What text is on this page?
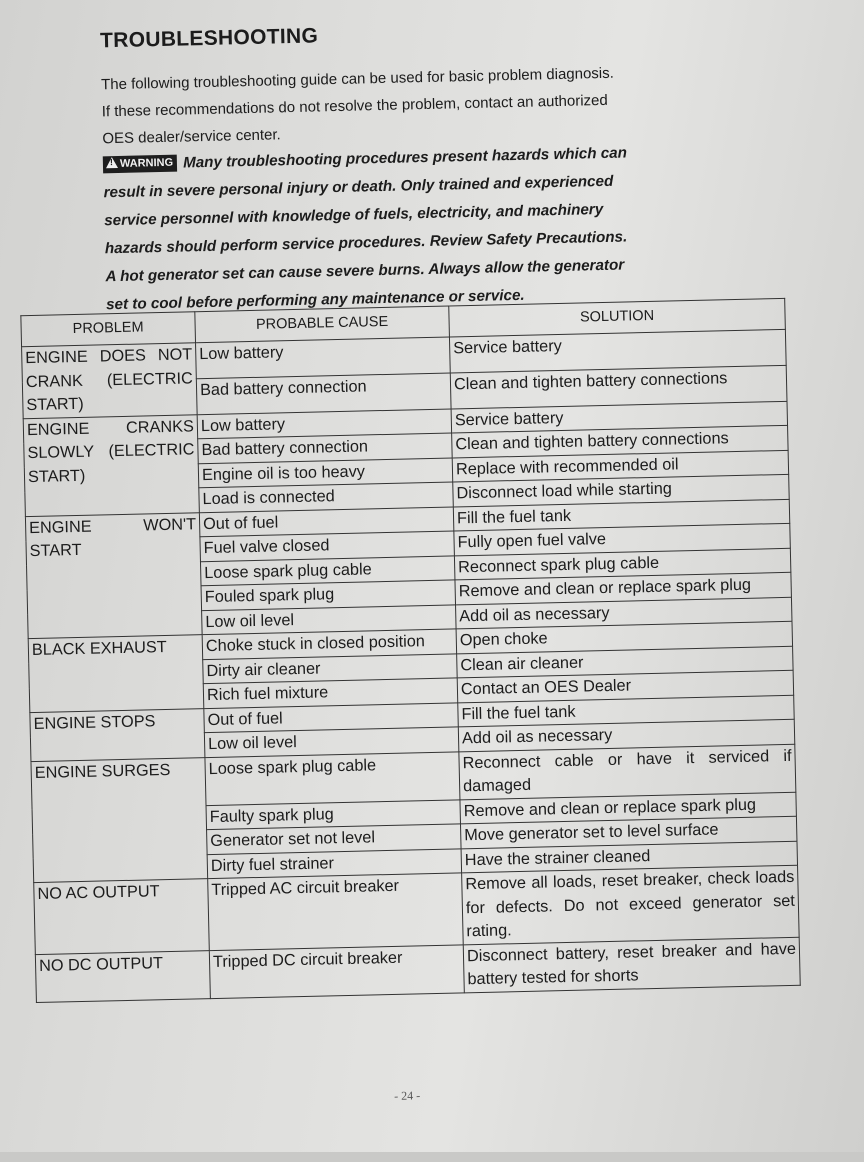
TROUBLESHOOTING
The following troubleshooting guide can be used for basic problem diagnosis.
If these recommendations do not resolve the problem, contact an authorized
OES dealer/service center.
!WARNING Many troubleshooting procedures present hazards which can
result in severe personal injury or death. Only trained and experienced
service personnel with knowledge of fuels, electricity, and machinery
hazards should perform service procedures. Review Safety Precautions.
A hot generator set can cause severe burns. Always allow the generator
set to cool before performing any maintenance or service.
PROBLEM	PROBABLE CAUSE	SOLUTION
ENGINE DOES NOT CRANK (ELECTRIC START)	Low battery	Service battery
	Bad battery connection	Clean and tighten battery connections
ENGINE CRANKS SLOWLY (ELECTRIC START)	Low battery	Service battery
	Bad battery connection	Clean and tighten battery connections
	Engine oil is too heavy	Replace with recommended oil
	Load is connected	Disconnect load while starting
ENGINE WON'T START	Out of fuel	Fill the fuel tank
	Fuel valve closed	Fully open fuel valve
	Loose spark plug cable	Reconnect spark plug cable
	Fouled spark plug	Remove and clean or replace spark plug
	Low oil level	Add oil as necessary
BLACK EXHAUST	Choke stuck in closed position	Open choke
	Dirty air cleaner	Clean air cleaner
	Rich fuel mixture	Contact an OES Dealer
ENGINE STOPS	Out of fuel	Fill the fuel tank
	Low oil level	Add oil as necessary
ENGINE SURGES	Loose spark plug cable	Reconnect cable or have it serviced if damaged
	Faulty spark plug	Remove and clean or replace spark plug
	Generator set not level	Move generator set to level surface
	Dirty fuel strainer	Have the strainer cleaned
NO AC OUTPUT	Tripped AC circuit breaker	Remove all loads, reset breaker, check loads for defects. Do not exceed generator set rating.
NO DC OUTPUT	Tripped DC circuit breaker	Disconnect battery, reset breaker and have battery tested for shorts
- 24 -
